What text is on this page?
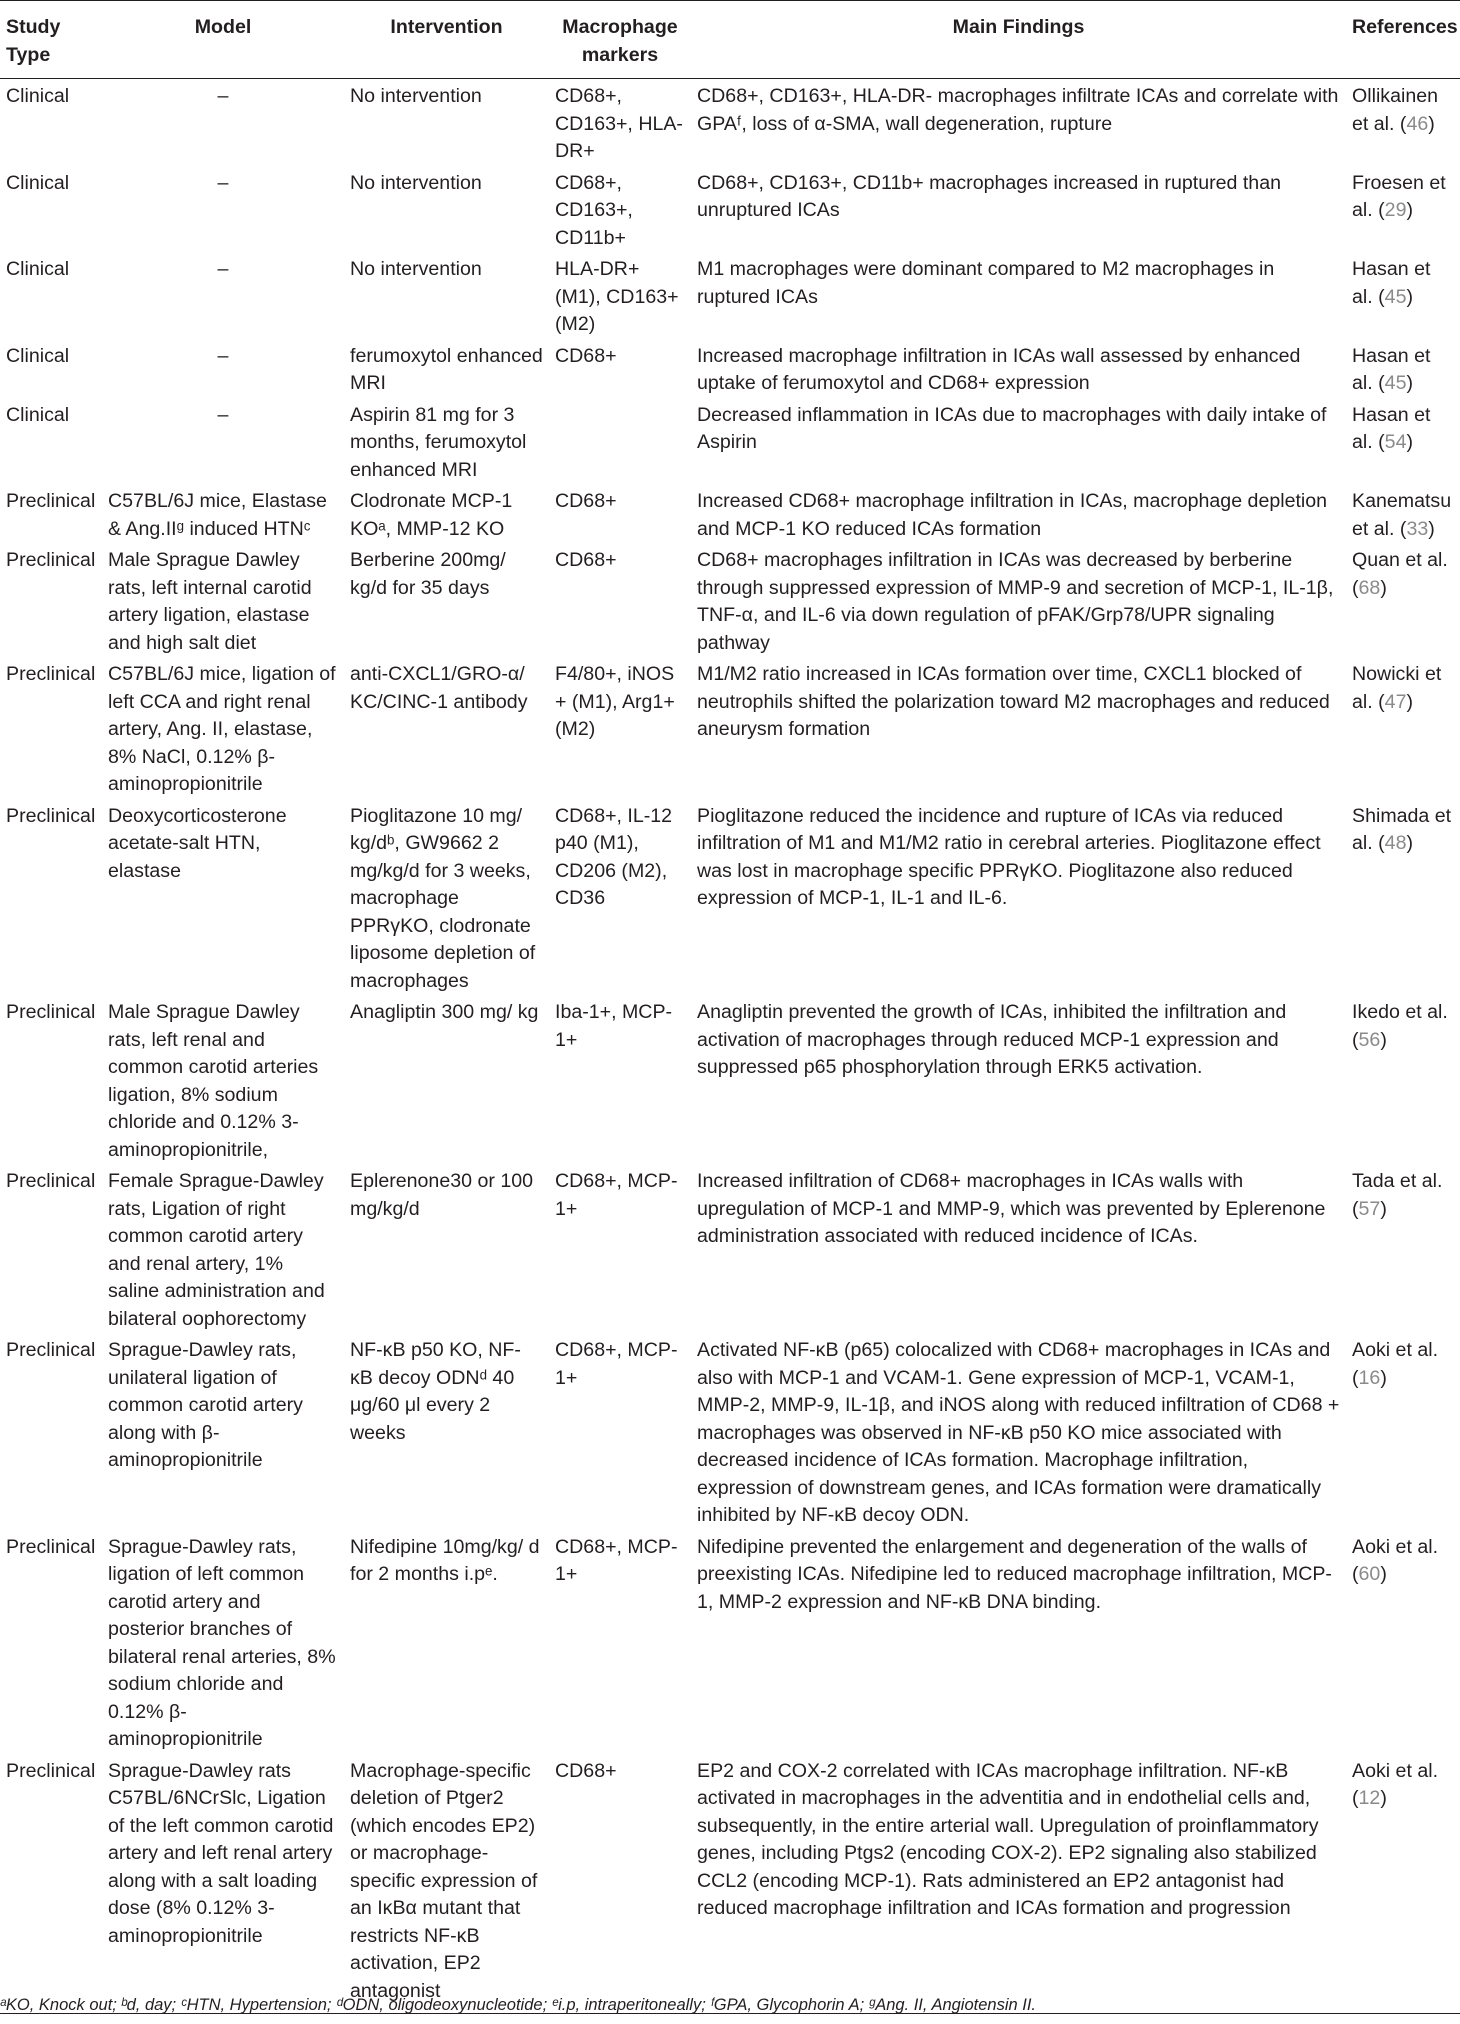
Study Type	Model	Intervention	Macrophage markers	Main Findings	References
Clinical	–	No intervention	CD68+, CD163+, HLA-DR+	CD68+, CD163+, HLA-DR- macrophages infiltrate ICAs and correlate with GPAᶠ, loss of α-SMA, wall degeneration, rupture	Ollikainen et al. (46)
Clinical	–	No intervention	CD68+, CD163+, CD11b+	CD68+, CD163+, CD11b+ macrophages increased in ruptured than unruptured ICAs	Froesen et al. (29)
Clinical	–	No intervention	HLA-DR+ (M1), CD163+ (M2)	M1 macrophages were dominant compared to M2 macrophages in ruptured ICAs	Hasan et al. (45)
Clinical	–	ferumoxytol enhanced MRI	CD68+	Increased macrophage infiltration in ICAs wall assessed by enhanced uptake of ferumoxytol and CD68+ expression	Hasan et al. (45)
Clinical	–	Aspirin 81 mg for 3 months, ferumoxytol enhanced MRI		Decreased inflammation in ICAs due to macrophages with daily intake of Aspirin	Hasan et al. (54)
Preclinical	C57BL/6J mice, Elastase & Ang.IIᵍ induced HTNᶜ	Clodronate MCP-1 KOᵃ, MMP-12 KO	CD68+	Increased CD68+ macrophage infiltration in ICAs, macrophage depletion and MCP-1 KO reduced ICAs formation	Kanematsu et al. (33)
Preclinical	Male Sprague Dawley rats, left internal carotid artery ligation, elastase and high salt diet	Berberine 200mg/ kg/d for 35 days	CD68+	CD68+ macrophages infiltration in ICAs was decreased by berberine through suppressed expression of MMP-9 and secretion of MCP-1, IL-1β, TNF-α, and IL-6 via down regulation of pFAK/Grp78/UPR signaling pathway	Quan et al. (68)
Preclinical	C57BL/6J mice, ligation of left CCA and right renal artery, Ang. II, elastase, 8% NaCl, 0.12% β-aminopropionitrile	anti-CXCL1/GRO-α/ KC/CINC-1 antibody	F4/80+, iNOS + (M1), Arg1+ (M2)	M1/M2 ratio increased in ICAs formation over time, CXCL1 blocked of neutrophils shifted the polarization toward M2 macrophages and reduced aneurysm formation	Nowicki et al. (47)
Preclinical	Deoxycorticosterone acetate-salt HTN, elastase	Pioglitazone 10 mg/ kg/dᵇ, GW9662 2 mg/kg/d for 3 weeks, macrophage PPRγKO, clodronate liposome depletion of macrophages	CD68+, IL-12 p40 (M1), CD206 (M2), CD36	Pioglitazone reduced the incidence and rupture of ICAs via reduced infiltration of M1 and M1/M2 ratio in cerebral arteries. Pioglitazone effect was lost in macrophage specific PPRγKO. Pioglitazone also reduced expression of MCP-1, IL-1 and IL-6.	Shimada et al. (48)
Preclinical	Male Sprague Dawley rats, left renal and common carotid arteries ligation, 8% sodium chloride and 0.12% 3-aminopropionitrile,	Anagliptin 300 mg/ kg	Iba-1+, MCP-1+	Anagliptin prevented the growth of ICAs, inhibited the infiltration and activation of macrophages through reduced MCP-1 expression and suppressed p65 phosphorylation through ERK5 activation.	Ikedo et al. (56)
Preclinical	Female Sprague-Dawley rats, Ligation of right common carotid artery and renal artery, 1% saline administration and bilateral oophorectomy	Eplerenone30 or 100 mg/kg/d	CD68+, MCP-1+	Increased infiltration of CD68+ macrophages in ICAs walls with upregulation of MCP-1 and MMP-9, which was prevented by Eplerenone administration associated with reduced incidence of ICAs.	Tada et al. (57)
Preclinical	Sprague-Dawley rats, unilateral ligation of common carotid artery along with β-aminopropionitrile	NF-κB p50 KO, NF-κB decoy ODNᵈ 40 μg/60 μl every 2 weeks	CD68+, MCP-1+	Activated NF-κB (p65) colocalized with CD68+ macrophages in ICAs and also with MCP-1 and VCAM-1. Gene expression of MCP-1, VCAM-1, MMP-2, MMP-9, IL-1β, and iNOS along with reduced infiltration of CD68 + macrophages was observed in NF-κB p50 KO mice associated with decreased incidence of ICAs formation. Macrophage infiltration, expression of downstream genes, and ICAs formation were dramatically inhibited by NF-κB decoy ODN.	Aoki et al. (16)
Preclinical	Sprague-Dawley rats, ligation of left common carotid artery and posterior branches of bilateral renal arteries, 8% sodium chloride and 0.12% β-aminopropionitrile	Nifedipine 10mg/kg/ d for 2 months i.pᵉ.	CD68+, MCP-1+	Nifedipine prevented the enlargement and degeneration of the walls of preexisting ICAs. Nifedipine led to reduced macrophage infiltration, MCP-1, MMP-2 expression and NF-κB DNA binding.	Aoki et al. (60)
Preclinical	Sprague-Dawley rats C57BL/6NCrSlc, Ligation of the left common carotid artery and left renal artery along with a salt loading dose (8% 0.12% 3-aminopropionitrile	Macrophage-specific deletion of Ptger2 (which encodes EP2) or macrophage-specific expression of an IκBα mutant that restricts NF-κB activation, EP2 antagonist	CD68+	EP2 and COX-2 correlated with ICAs macrophage infiltration. NF-κB activated in macrophages in the adventitia and in endothelial cells and, subsequently, in the entire arterial wall. Upregulation of proinflammatory genes, including Ptgs2 (encoding COX-2). EP2 signaling also stabilized CCL2 (encoding MCP-1). Rats administered an EP2 antagonist had reduced macrophage infiltration and ICAs formation and progression	Aoki et al. (12)
ᵃKO, Knock out; ᵇd, day; ᶜHTN, Hypertension; ᵈODN, oligodeoxynucleotide; ᵉi.p, intraperitoneally; ᶠGPA, Glycophorin A; ᵍAng. II, Angiotensin II.
